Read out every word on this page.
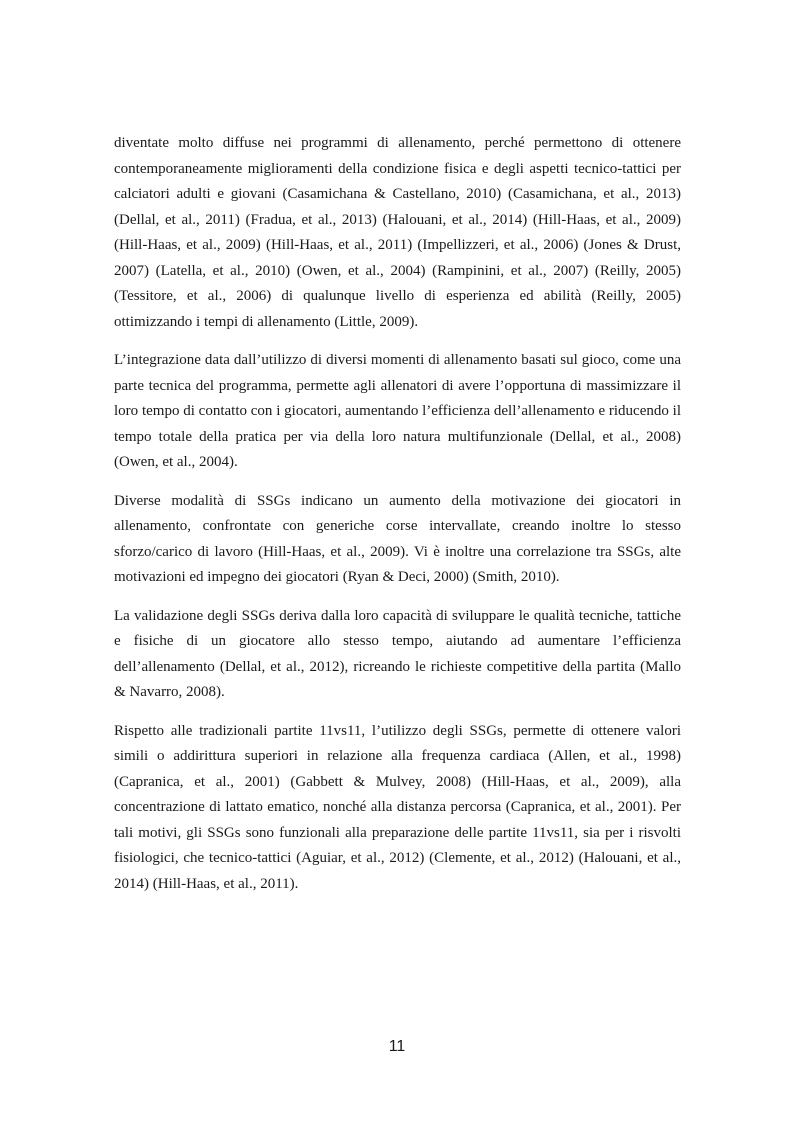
diventate molto diffuse nei programmi di allenamento, perché permettono di ottenere contemporaneamente miglioramenti della condizione fisica e degli aspetti tecnico-tattici per calciatori adulti e giovani (Casamichana & Castellano, 2010) (Casamichana, et al., 2013) (Dellal, et al., 2011) (Fradua, et al., 2013) (Halouani, et al., 2014) (Hill-Haas, et al., 2009) (Hill-Haas, et al., 2009) (Hill-Haas, et al., 2011) (Impellizzeri, et al., 2006) (Jones & Drust, 2007) (Latella, et al., 2010) (Owen, et al., 2004) (Rampinini, et al., 2007) (Reilly, 2005) (Tessitore, et al., 2006) di qualunque livello di esperienza ed abilità (Reilly, 2005) ottimizzando i tempi di allenamento (Little, 2009).

L’integrazione data dall’utilizzo di diversi momenti di allenamento basati sul gioco, come una parte tecnica del programma, permette agli allenatori di avere l’opportuna di massimizzare il loro tempo di contatto con i giocatori, aumentando l’efficienza dell’allenamento e riducendo il tempo totale della pratica per via della loro natura multifunzionale (Dellal, et al., 2008) (Owen, et al., 2004).

Diverse modalità di SSGs indicano un aumento della motivazione dei giocatori in allenamento, confrontate con generiche corse intervallate, creando inoltre lo stesso sforzo/carico di lavoro (Hill-Haas, et al., 2009). Vi è inoltre una correlazione tra SSGs, alte motivazioni ed impegno dei giocatori (Ryan & Deci, 2000) (Smith, 2010).

La validazione degli SSGs deriva dalla loro capacità di sviluppare le qualità tecniche, tattiche e fisiche di un giocatore allo stesso tempo, aiutando ad aumentare l’efficienza dell’allenamento (Dellal, et al., 2012), ricreando le richieste competitive della partita (Mallo & Navarro, 2008).

Rispetto alle tradizionali partite 11vs11, l’utilizzo degli SSGs, permette di ottenere valori simili o addirittura superiori in relazione alla frequenza cardiaca (Allen, et al., 1998) (Capranica, et al., 2001) (Gabbett & Mulvey, 2008) (Hill-Haas, et al., 2009), alla concentrazione di lattato ematico, nonché alla distanza percorsa (Capranica, et al., 2001). Per tali motivi, gli SSGs sono funzionali alla preparazione delle partite 11vs11, sia per i risvolti fisiologici, che tecnico-tattici (Aguiar, et al., 2012) (Clemente, et al., 2012) (Halouani, et al., 2014) (Hill-Haas, et al., 2011).

11
